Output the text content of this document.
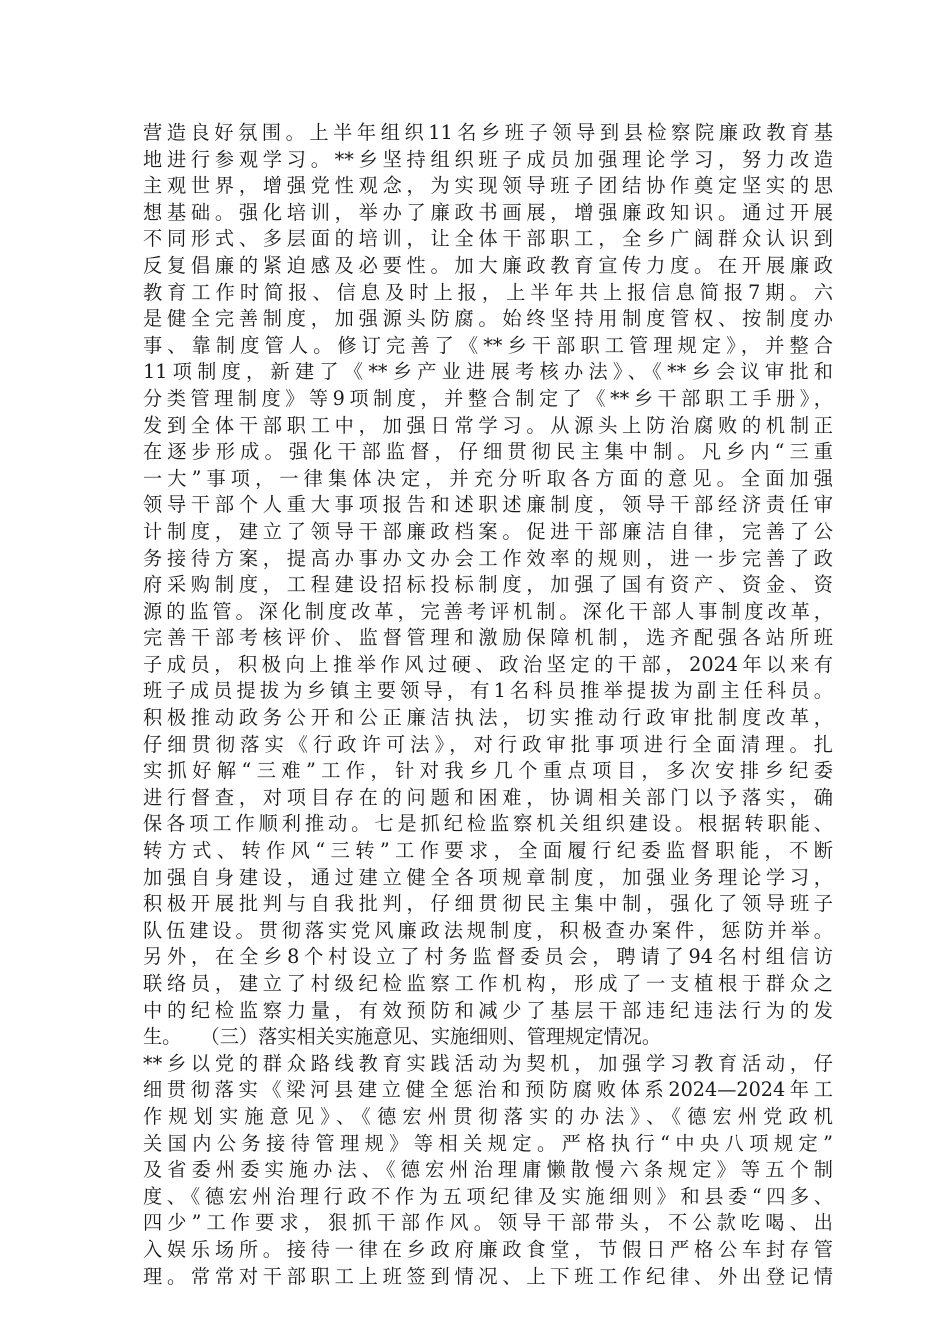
营造良好氛围。上半年组织11名乡班子领导到县检察院廉政教育基
地进行参观学习。**乡坚持组织班子成员加强理论学习，努力改造
主观世界，增强党性观念，为实现领导班子团结协作奠定坚实的思
想基础。强化培训，举办了廉政书画展，增强廉政知识。通过开展
不同形式、多层面的培训，让全体干部职工，全乡广阔群众认识到
反复倡廉的紧迫感及必要性。加大廉政教育宣传力度。在开展廉政
教育工作时简报、信息及时上报，上半年共上报信息简报7期。六
是健全完善制度，加强源头防腐。始终坚持用制度管权、按制度办
事、靠制度管人。修订完善了《**乡干部职工管理规定》，并整合
11项制度，新建了《**乡产业进展考核办法》、《**乡会议审批和
分类管理制度》等9项制度，并整合制定了《**乡干部职工手册》，
发到全体干部职工中，加强日常学习。从源头上防治腐败的机制正
在逐步形成。强化干部监督，仔细贯彻民主集中制。凡乡内“三重
一大”事项，一律集体决定，并充分听取各方面的意见。全面加强
领导干部个人重大事项报告和述职述廉制度，领导干部经济责任审
计制度，建立了领导干部廉政档案。促进干部廉洁自律，完善了公
务接待方案，提高办事办文办会工作效率的规则，进一步完善了政
府采购制度，工程建设招标投标制度，加强了国有资产、资金、资
源的监管。深化制度改革，完善考评机制。深化干部人事制度改革，
完善干部考核评价、监督管理和激励保障机制，选齐配强各站所班
子成员，积极向上推举作风过硬、政治坚定的干部，2024年以来有
班子成员提拔为乡镇主要领导，有1名科员推举提拔为副主任科员。
积极推动政务公开和公正廉洁执法，切实推动行政审批制度改革，
仔细贯彻落实《行政许可法》，对行政审批事项进行全面清理。扎
实抓好解“三难”工作，针对我乡几个重点项目，多次安排乡纪委
进行督查，对项目存在的问题和困难，协调相关部门以予落实，确
保各项工作顺利推动。七是抓纪检监察机关组织建设。根据转职能、
转方式、转作风“三转”工作要求，全面履行纪委监督职能，不断
加强自身建设，通过建立健全各项规章制度，加强业务理论学习，
积极开展批判与自我批判，仔细贯彻民主集中制，强化了领导班子
队伍建设。贯彻落实党风廉政法规制度，积极查办案件，惩防并举。
另外，在全乡8个村设立了村务监督委员会，聘请了94名村组信访
联络员，建立了村级纪检监察工作机构，形成了一支植根于群众之
中的纪检监察力量，有效预防和减少了基层干部违纪违法行为的发
生。　　（三）落实相关实施意见、实施细则、管理规定情况。
**乡以党的群众路线教育实践活动为契机，加强学习教育活动，仔
细贯彻落实《梁河县建立健全惩治和预防腐败体系2024—2024年工
作规划实施意见》、《德宏州贯彻落实的办法》、《德宏州党政机
关国内公务接待管理规》等相关规定。严格执行“中央八项规定”
及省委州委实施办法、《德宏州治理庸懒散慢六条规定》等五个制
度、《德宏州治理行政不作为五项纪律及实施细则》和县委“四多、
四少”工作要求，狠抓干部作风。领导干部带头，不公款吃喝、出
入娱乐场所。接待一律在乡政府廉政食堂，节假日严格公车封存管
理。常常对干部职工上班签到情况、上下班工作纪律、外出登记情
